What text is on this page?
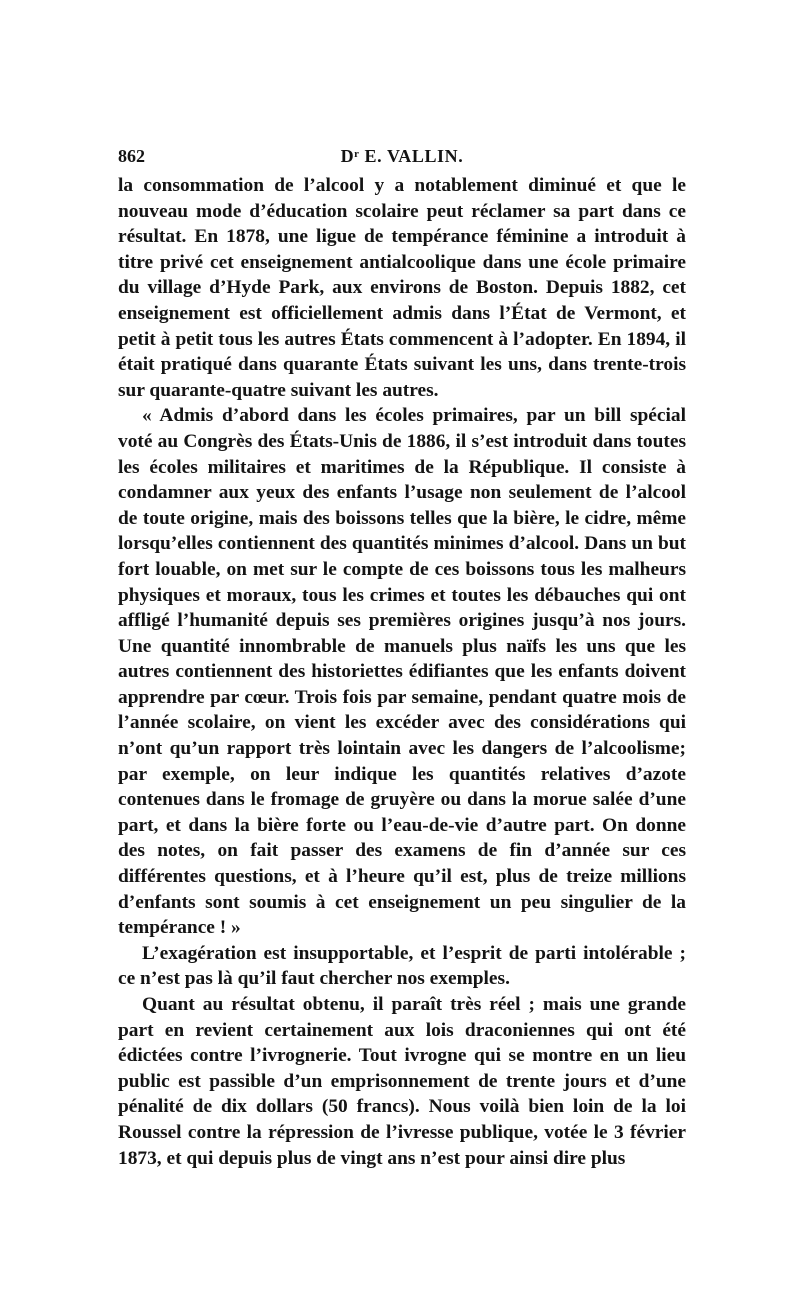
862	Dʳ E. VALLIN.

la consommation de l’alcool y a notablement diminué et que le nouveau mode d’éducation scolaire peut réclamer sa part dans ce résultat. En 1878, une ligue de tempérance féminine a introduit à titre privé cet enseignement antialcoolique dans une école primaire du village d’Hyde Park, aux environs de Boston. Depuis 1882, cet enseignement est officiellement admis dans l’État de Vermont, et petit à petit tous les autres États commencent à l’adopter. En 1894, il était pratiqué dans quarante États suivant les uns, dans trente-trois sur quarante-quatre suivant les autres.

« Admis d’abord dans les écoles primaires, par un bill spécial voté au Congrès des États-Unis de 1886, il s’est introduit dans toutes les écoles militaires et maritimes de la République. Il consiste à condamner aux yeux des enfants l’usage non seulement de l’alcool de toute origine, mais des boissons telles que la bière, le cidre, même lorsqu’elles contiennent des quantités minimes d’alcool. Dans un but fort louable, on met sur le compte de ces boissons tous les malheurs physiques et moraux, tous les crimes et toutes les débauches qui ont affligé l’humanité depuis ses premières origines jusqu’à nos jours. Une quantité innombrable de manuels plus naïfs les uns que les autres contiennent des historiettes édifiantes que les enfants doivent apprendre par cœur. Trois fois par semaine, pendant quatre mois de l’année scolaire, on vient les excéder avec des considérations qui n’ont qu’un rapport très lointain avec les dangers de l’alcoolisme; par exemple, on leur indique les quantités relatives d’azote contenues dans le fromage de gruyère ou dans la morue salée d’une part, et dans la bière forte ou l’eau-de-vie d’autre part. On donne des notes, on fait passer des examens de fin d’année sur ces différentes questions, et à l’heure qu’il est, plus de treize millions d’enfants sont soumis à cet enseignement un peu singulier de la tempérance ! »

L’exagération est insupportable, et l’esprit de parti intolérable ; ce n’est pas là qu’il faut chercher nos exemples.

Quant au résultat obtenu, il paraît très réel ; mais une grande part en revient certainement aux lois draconiennes qui ont été édictées contre l’ivrognerie. Tout ivrogne qui se montre en un lieu public est passible d’un emprisonnement de trente jours et d’une pénalité de dix dollars (50 francs). Nous voilà bien loin de la loi Roussel contre la répression de l’ivresse publique, votée le 3 février 1873, et qui depuis plus de vingt ans n’est pour ainsi dire plus
